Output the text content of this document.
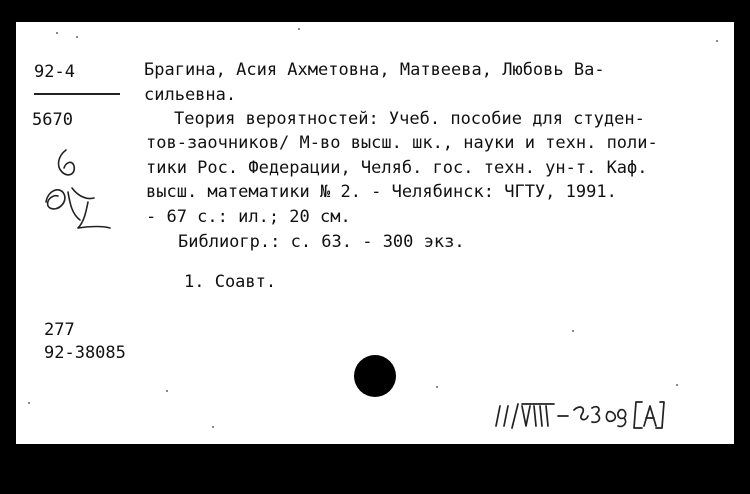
92-4
5670
Брагина, Асия Ахметовна, Матвеева, Любовь Ва-
сильевна.
Теория вероятностей: Учеб. пособие для студен-
тов-заочников/ М-во высш. шк., науки и техн. поли-
тики Рос. Федерации, Челяб. гос. техн. ун-т. Каф.
высш. математики № 2. - Челябинск: ЧГТУ, 1991.
- 67 с.: ил.; 20 см.
Библиогр.: с. 63. - 300 экз.
1. Соавт.
277
92-38085
